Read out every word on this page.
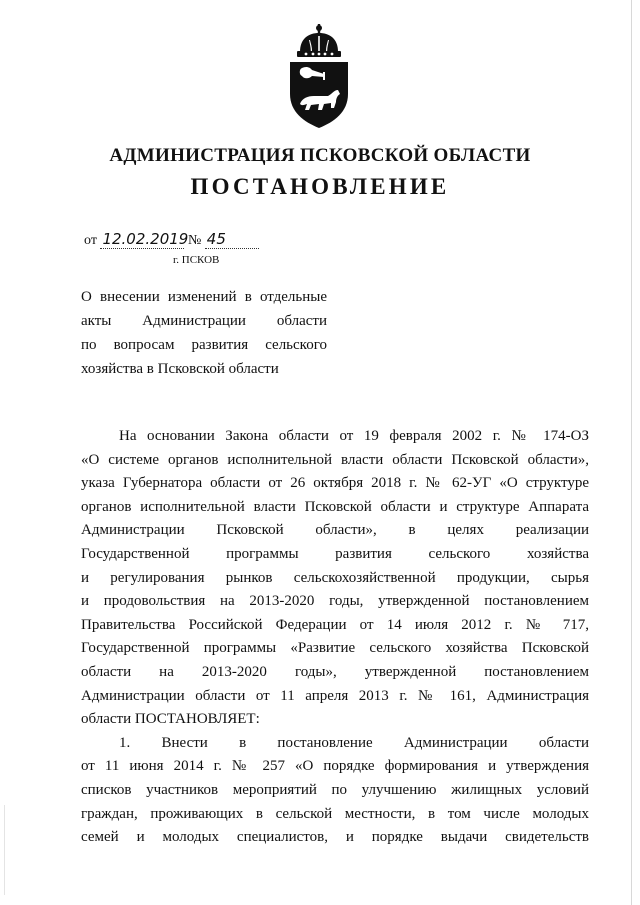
АДМИНИСТРАЦИЯ ПСКОВСКОЙ ОБЛАСТИ
ПОСТАНОВЛЕНИЕ
от 12.02.2019 № 45
г. ПСКОВ
О внесении изменений в отдельные
акты Администрации области
по вопросам развития сельского
хозяйства в Псковской области
На основании Закона области от 19 февраля 2002 г. № 174-ОЗ
«О системе органов исполнительной власти области Псковской области»,
указа Губернатора области от 26 октября 2018 г. № 62-УГ «О структуре
органов исполнительной власти Псковской области и структуре Аппарата
Администрации Псковской области», в целях реализации
Государственной программы развития сельского хозяйства
и регулирования рынков сельскохозяйственной продукции, сырья
и продовольствия на 2013-2020 годы, утвержденной постановлением
Правительства Российской Федерации от 14 июля 2012 г. № 717,
Государственной программы «Развитие сельского хозяйства Псковской
области на 2013-2020 годы», утвержденной постановлением
Администрации области от 11 апреля 2013 г. № 161, Администрация
области ПОСТАНОВЛЯЕТ:
1. Внести в постановление Администрации области
от 11 июня 2014 г. № 257 «О порядке формирования и утверждения
списков участников мероприятий по улучшению жилищных условий
граждан, проживающих в сельской местности, в том числе молодых
семей и молодых специалистов, и порядке выдачи свидетельств
